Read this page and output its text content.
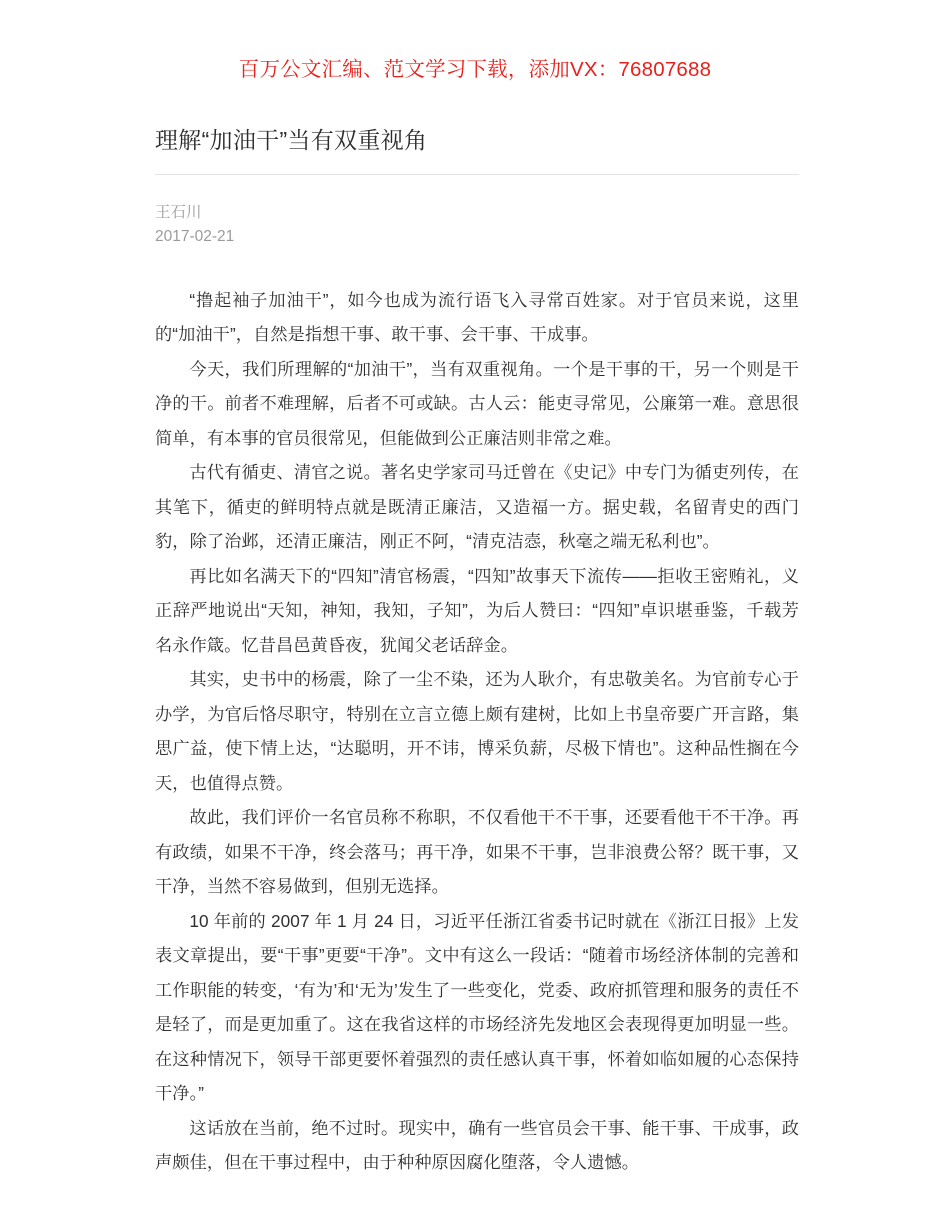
百万公文汇编、范文学习下载，添加VX：76807688
理解“加油干”当有双重视角
王石川
2017-02-21

“撸起袖子加油干”，如今也成为流行语飞入寻常百姓家。对于官员来说，这里的“加油干”，自然是指想干事、敢干事、会干事、干成事。

今天，我们所理解的“加油干”，当有双重视角。一个是干事的干，另一个则是干净的干。前者不难理解，后者不可或缺。古人云：能吏寻常见，公廉第一难。意思很简单，有本事的官员很常见，但能做到公正廉洁则非常之难。

古代有循吏、清官之说。著名史学家司马迁曾在《史记》中专门为循吏列传，在其笔下，循吏的鲜明特点就是既清正廉洁，又造福一方。据史载，名留青史的西门豹，除了治邺，还清正廉洁，刚正不阿，“清克洁悫，秋毫之端无私利也”。

再比如名满天下的“四知”清官杨震，“四知”故事天下流传——拒收王密贿礼，义正辞严地说出“天知，神知，我知，子知”，为后人赞曰：“四知”卓识堪垂鉴，千载芳名永作箴。忆昔昌邑黄昏夜，犹闻父老话辞金。

其实，史书中的杨震，除了一尘不染，还为人耿介，有忠敬美名。为官前专心于办学，为官后恪尽职守，特别在立言立德上颇有建树，比如上书皇帝要广开言路，集思广益，使下情上达，“达聪明，开不讳，博采负薪，尽极下情也”。这种品性搁在今天，也值得点赞。

故此，我们评价一名官员称不称职，不仅看他干不干事，还要看他干不干净。再有政绩，如果不干净，终会落马；再干净，如果不干事，岂非浪费公帑？既干事，又干净，当然不容易做到，但别无选择。

10 年前的 2007 年 1 月 24 日，习近平任浙江省委书记时就在《浙江日报》上发表文章提出，要“干事”更要“干净”。文中有这么一段话：“随着市场经济体制的完善和工作职能的转变，‘有为’和‘无为’发生了一些变化，党委、政府抓管理和服务的责任不是轻了，而是更加重了。这在我省这样的市场经济先发地区会表现得更加明显一些。在这种情况下，领导干部更要怀着强烈的责任感认真干事，怀着如临如履的心态保持干净。”

这话放在当前，绝不过时。现实中，确有一些官员会干事、能干事、干成事，政声颇佳，但在干事过程中，由于种种原因腐化堕落，令人遗憾。
